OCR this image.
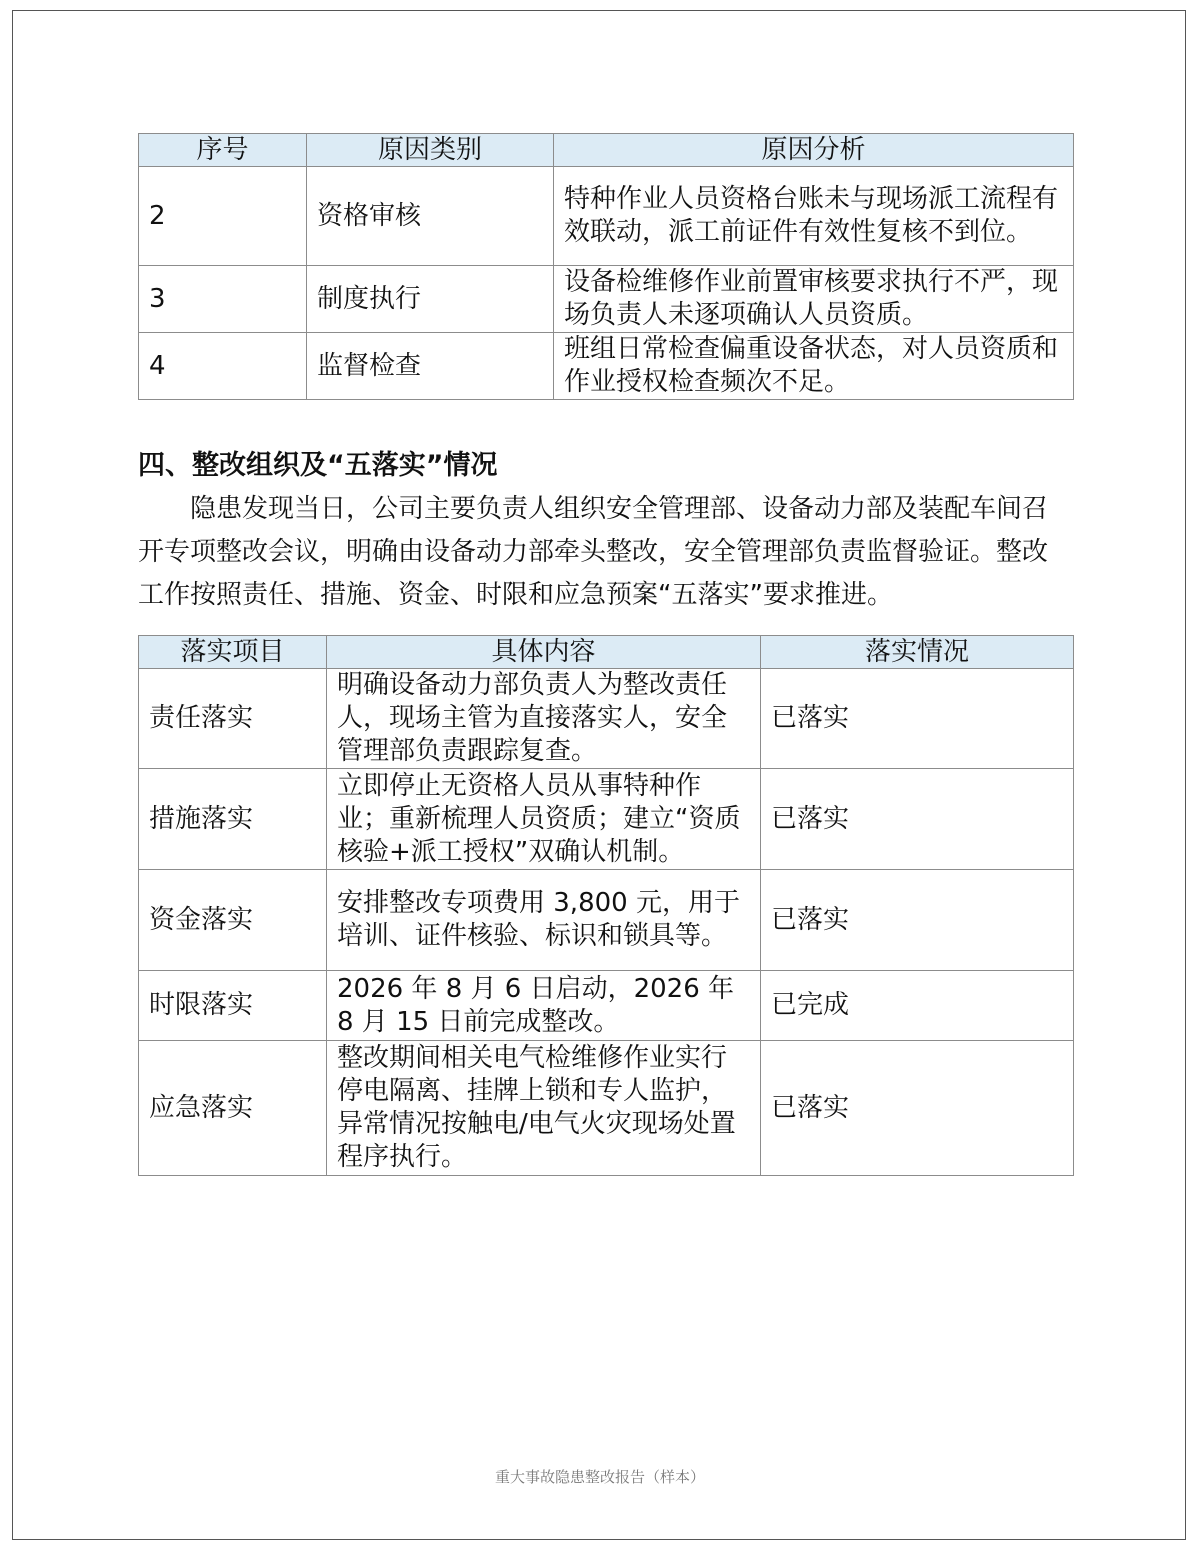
序号	原因类别	原因分析
2	资格审核	特种作业人员资格台账未与现场派工流程有效联动，派工前证件有效性复核不到位。
3	制度执行	设备检维修作业前置审核要求执行不严，现场负责人未逐项确认人员资质。
4	监督检查	班组日常检查偏重设备状态，对人员资质和作业授权检查频次不足。
四、整改组织及“五落实”情况

隐患发现当日，公司主要负责人组织安全管理部、设备动力部及装配车间召开专项整改会议，明确由设备动力部牵头整改，安全管理部负责监督验证。整改工作按照责任、措施、资金、时限和应急预案“五落实”要求推进。

落实项目	具体内容	落实情况
责任落实	明确设备动力部负责人为整改责任人，现场主管为直接落实人，安全管理部负责跟踪复查。	已落实
措施落实	立即停止无资格人员从事特种作业；重新梳理人员资质；建立“资质核验+派工授权”双确认机制。	已落实
资金落实	安排整改专项费用 3,800 元，用于培训、证件核验、标识和锁具等。	已落实
时限落实	2026 年 8 月 6 日启动，2026 年 8 月 15 日前完成整改。	已完成
应急落实	整改期间相关电气检维修作业实行停电隔离、挂牌上锁和专人监护，异常情况按触电/电气火灾现场处置程序执行。	已落实
重大事故隐患整改报告（样本）
